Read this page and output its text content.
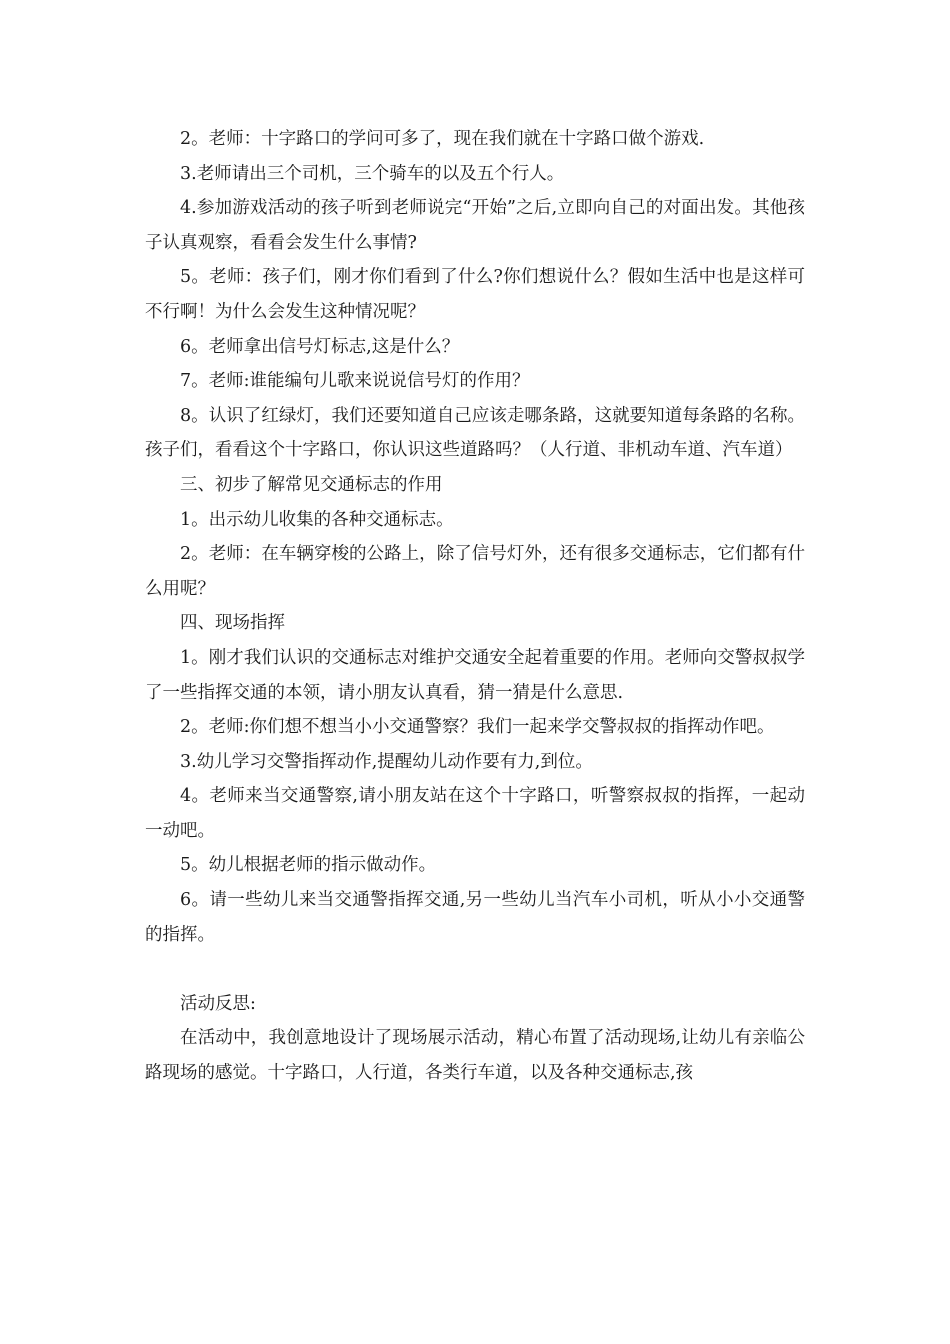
2。老师：十字路口的学问可多了，现在我们就在十字路口做个游戏.

3.老师请出三个司机，三个骑车的以及五个行人。

4.参加游戏活动的孩子听到老师说完“开始”之后,立即向自己的对面出发。其他孩子认真观察，看看会发生什么事情?

5。老师：孩子们，刚才你们看到了什么?你们想说什么？假如生活中也是这样可不行啊！为什么会发生这种情况呢？

6。老师拿出信号灯标志,这是什么？

7。老师:谁能编句儿歌来说说信号灯的作用？

8。认识了红绿灯，我们还要知道自己应该走哪条路，这就要知道每条路的名称。孩子们，看看这个十字路口，你认识这些道路吗？（人行道、非机动车道、汽车道）

三、初步了解常见交通标志的作用

1。出示幼儿收集的各种交通标志。

2。老师：在车辆穿梭的公路上，除了信号灯外，还有很多交通标志，它们都有什么用呢？

四、现场指挥

1。刚才我们认识的交通标志对维护交通安全起着重要的作用。老师向交警叔叔学了一些指挥交通的本领，请小朋友认真看，猜一猜是什么意思.

2。老师:你们想不想当小小交通警察？我们一起来学交警叔叔的指挥动作吧。

3.幼儿学习交警指挥动作,提醒幼儿动作要有力,到位。

4。老师来当交通警察,请小朋友站在这个十字路口，听警察叔叔的指挥，一起动一动吧。

5。幼儿根据老师的指示做动作。

6。请一些幼儿来当交通警指挥交通,另一些幼儿当汽车小司机，听从小小交通警的指挥。

活动反思:

在活动中，我创意地设计了现场展示活动，精心布置了活动现场,让幼儿有亲临公路现场的感觉。十字路口，人行道，各类行车道，以及各种交通标志,孩
